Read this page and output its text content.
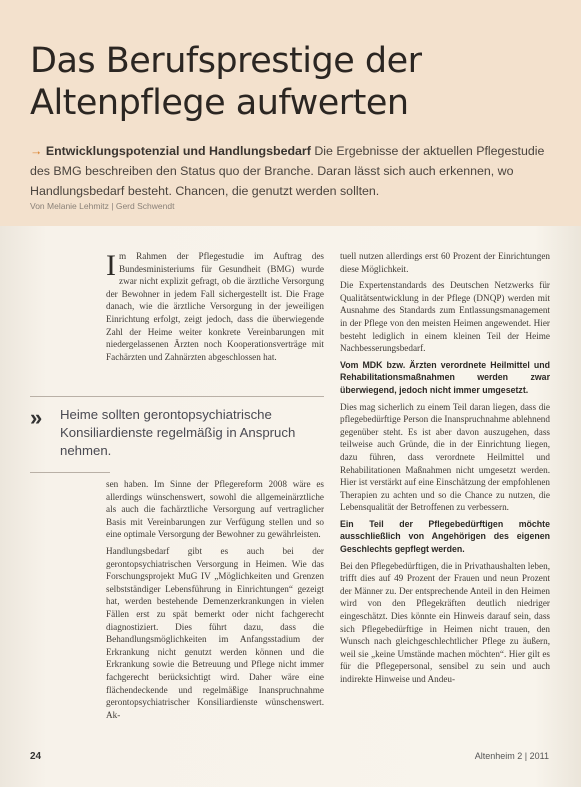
Das Berufsprestige der
Altenpflege aufwerten
→ Entwicklungspotenzial und Handlungsbedarf Die Ergebnisse der aktuellen Pflegestudie des BMG beschreiben den Status quo der Branche. Daran lässt sich auch erkennen, wo Handlungsbedarf besteht. Chancen, die genutzt werden sollten.
Von Melanie Lehmitz | Gerd Schwendt

I m Rahmen der Pflegestudie im Auftrag des Bundesministeriums für Gesundheit (BMG) wurde zwar nicht explizit gefragt, ob die ärztliche Versorgung der Bewohner in jedem Fall sichergestellt ist. Die Frage danach, wie die ärztliche Versorgung in der jeweiligen Einrichtung erfolgt, zeigt jedoch, dass die überwiegende Zahl der Heime weiter konkrete Vereinbarungen mit niedergelassenen Ärzten noch Kooperationsverträge mit Fachärzten und Zahnärzten abgeschlossen hat.

» Heime sollten gerontopsychiatrische Konsiliardienste regelmäßig in Anspruch nehmen.

sen haben. Im Sinne der Pflegereform 2008 wäre es allerdings wünschenswert, sowohl die allgemeinärztliche als auch die fachärztliche Versorgung auf vertraglicher Basis mit Vereinbarungen zur Verfügung stellen und so eine optimale Versorgung der Bewohner zu gewährleisten.

Handlungsbedarf gibt es auch bei der gerontopsychiatrischen Versorgung in Heimen. Wie das Forschungsprojekt MuG IV „Möglichkeiten und Grenzen selbstständiger Lebensführung in Einrichtungen“ gezeigt hat, werden bestehende Demenzerkrankungen in vielen Fällen erst zu spät bemerkt oder nicht fachgerecht diagnostiziert. Dies führt dazu, dass die Behandlungsmöglichkeiten im Anfangsstadium der Erkrankung nicht genutzt werden können und die Erkrankung sowie die Betreuung und Pflege nicht immer fachgerecht berücksichtigt wird. Daher wäre eine flächendeckende und regelmäßige Inanspruchnahme gerontopsychiatrischer Konsiliardienste wünschenswert. Ak-

tuell nutzen allerdings erst 60 Prozent der Einrichtungen diese Möglichkeit.

Die Expertenstandards des Deutschen Netzwerks für Qualitätsentwicklung in der Pflege (DNQP) werden mit Ausnahme des Standards zum Entlassungsmanagement in der Pflege von den meisten Heimen angewendet. Hier besteht lediglich in einem kleinen Teil der Heime Nachbesserungsbedarf.

Vom MDK bzw. Ärzten verordnete Heilmittel und Rehabilitationsmaßnahmen werden zwar überwiegend, jedoch nicht immer umgesetzt.

Dies mag sicherlich zu einem Teil daran liegen, dass die pflegebedürftige Person die Inanspruchnahme ablehnend gegenüber steht. Es ist aber davon auszugehen, dass teilweise auch Gründe, die in der Einrichtung liegen, dazu führen, dass verordnete Heilmittel und Rehabilitationen Maßnahmen nicht umgesetzt werden. Hier ist verstärkt auf eine Einschätzung der empfohlenen Therapien zu achten und so die Chance zu nutzen, die Lebensqualität der Betroffenen zu verbessern.

Ein Teil der Pflegebedürftigen möchte ausschließlich von Angehörigen des eigenen Geschlechts gepflegt werden.

Bei den Pflegebedürftigen, die in Privathaushalten leben, trifft dies auf 49 Prozent der Frauen und neun Prozent der Männer zu. Der entsprechende Anteil in den Heimen wird von den Pflegekräften deutlich niedriger eingeschätzt. Dies könnte ein Hinweis darauf sein, dass sich Pflegebedürftige in Heimen nicht trauen, den Wunsch nach gleichgeschlechtlicher Pflege zu äußern, weil sie „keine Umstände machen möchten“. Hier gilt es für die Pflegepersonal, sensibel zu sein und auch indirekte Hinweise und Andeu-

24	Altenheim 2 | 2011
